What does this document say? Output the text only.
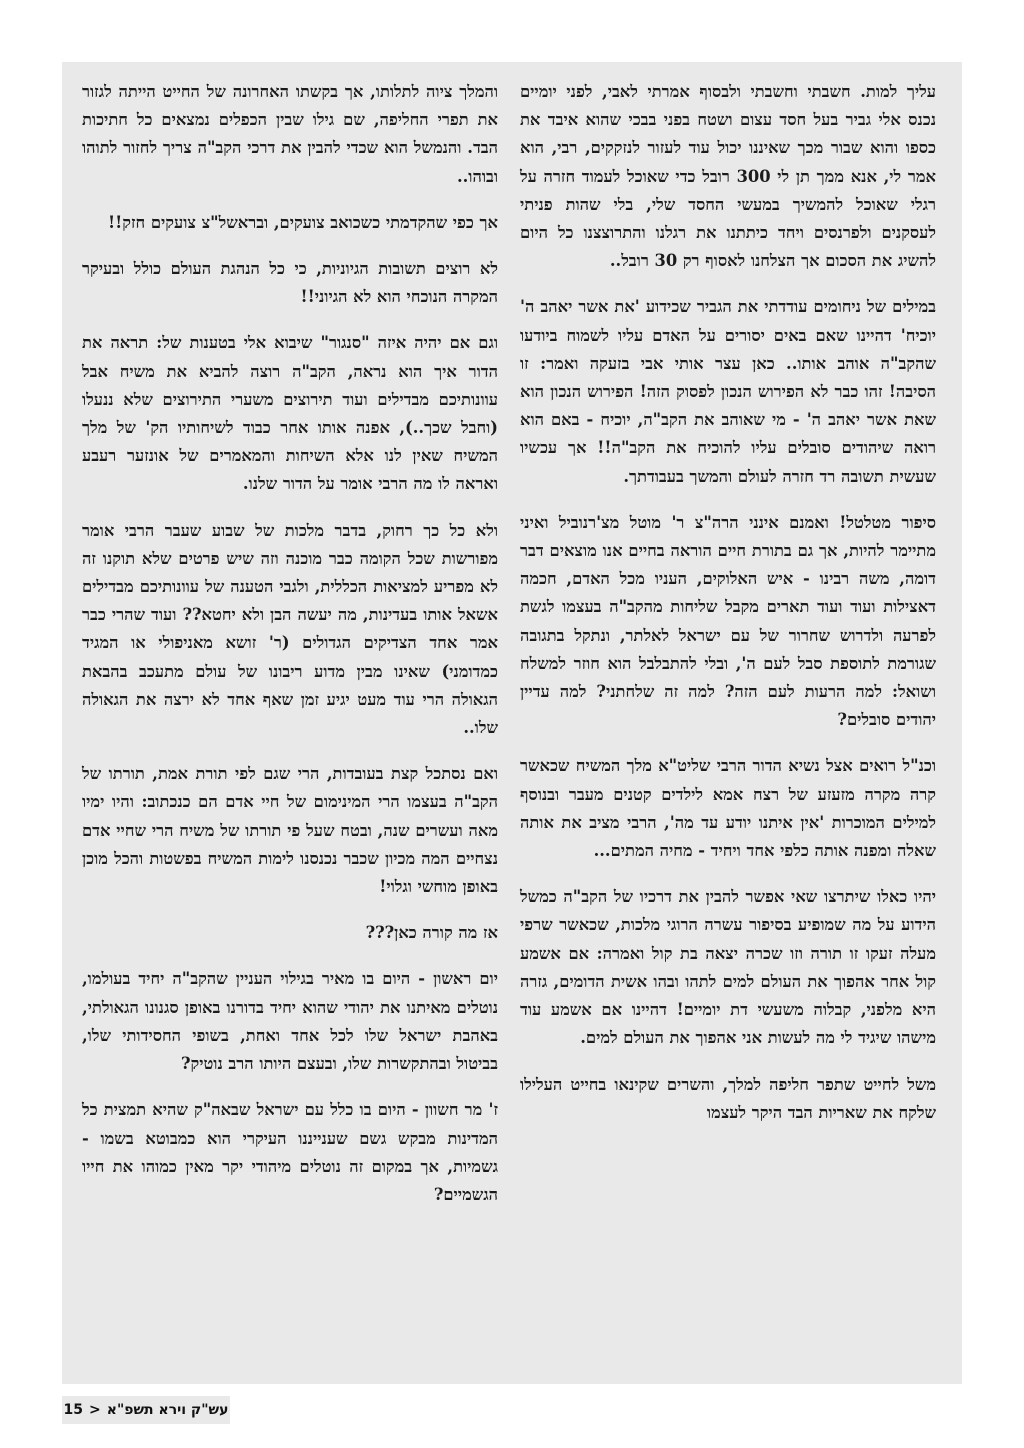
עליך למות. חשבתי וחשבתי ולבסוף אמרתי לאבי, לפני יומיים נכנס אלי גביר בעל חסד עצום ושטח בפני בבכי שהוא איבד את כספו והוא שבור מכך שאיננו יכול עוד לעזור לנזקקים, רבי, הוא אמר לי, אנא ממך תן לי 300 רובל כדי שאוכל לעמוד חזרה על רגלי שאוכל להמשיך במעשי החסד שלי, בלי שהות פניתי לעסקנים ולפרנסים ויחד כיתתנו את רגלנו והתרוצצנו כל היום להשיג את הסכום אך הצלחנו לאסוף רק 30 רובל..

במילים של ניחומים עודדתי את הגביר שכידוע 'את אשר יאהב ה' יוכיח' דהיינו שאם באים יסורים על האדם עליו לשמוח ביודעו שהקב"ה אוהב אותו.. כאן עצר אותי אבי בזעקה ואמר: זו הסיבה! זהו כבר לא הפירוש הנכון לפסוק הזה! הפירוש הנכון הוא שאת אשר יאהב ה' - מי שאוהב את הקב"ה, יוכיח - באם הוא רואה שיהודים סובלים עליו להוכיח את הקב"ה!! אך עכשיו שעשית תשובה רד חזרה לעולם והמשך בעבודתך.

סיפור מטלטל! ואמנם אינני הרה"צ ר' מוטל מצ'רנוביל ואיני מתיימר להיות, אך גם בתורת חיים הוראה בחיים אנו מוצאים דבר דומה, משה רבינו - איש האלוקים, העניו מכל האדם, חכמה דאצילות ועוד ועוד תארים מקבל שליחות מהקב"ה בעצמו לגשת לפרעה ולדרוש שחרור של עם ישראל לאלתר, ונתקל בתגובה שגורמת לתוספת סבל לעם ה', ובלי להתבלבל הוא חוזר למשלח ושואל: למה הרעות לעם הזה? למה זה שלחתני? למה עדיין יהודים סובלים?

וכנ"ל רואים אצל נשיא הדור הרבי שליט"א מלך המשיח שכאשר קרה מקרה מזעזע של רצח אמא לילדים קטנים מעבר ובנוסף למילים המוכרות 'אין איתנו יודע עד מה', הרבי מציב את אותה שאלה ומפנה אותה כלפי אחד ויחיד - מחיה המתים...

יהיו כאלו שיתרצו שאי אפשר להבין את דרכיו של הקב"ה כמשל הידוע על מה שמופיע בסיפור עשרה הרוגי מלכות, שכאשר שרפי מעלה זעקו זו תורה וזו שכרה יצאה בת קול ואמרה: אם אשמע קול אחר אהפוך את העולם למים לתהו ובהו אשית הדומים, גזרה היא מלפני, קבלוה משעשי דת יומיים! דהיינו אם אשמע עוד מישהו שיגיד לי מה לעשות אני אהפוך את העולם למים.

משל לחייט שתפר חליפה למלך, והשרים שקינאו בחייט העלילו שלקח את שאריות הבד היקר לעצמו

והמלך ציוה לתלותו, אך בקשתו האחרונה של החייט הייתה לגזור את תפרי החליפה, שם גילו שבין הכפלים נמצאים כל חתיכות הבד. והנמשל הוא שכדי להבין את דרכי הקב"ה צריך לחזור לתוהו ובוהו..

אך כפי שהקדמתי כשכואב צועקים, ובראשל"צ צועקים חזק!!

לא רוצים תשובות הגיוניות, כי כל הנהגת העולם כולל ובעיקר המקרה הנוכחי הוא לא הגיוני!!

וגם אם יהיה איזה "סנגור" שיבוא אלי בטענות של: תראה את הדור איך הוא נראה, הקב"ה רוצה להביא את משיח אבל עוונותיכם מבדילים ועוד תירוצים משערי התירוצים שלא ננעלו (וחבל שכך..), אפנה אותו אחר כבוד לשיחותיו הק' של מלך המשיח שאין לנו אלא השיחות והמאמרים של אונזער רעבע ואראה לו מה הרבי אומר על הדור שלנו.

ולא כל כך רחוק, בדבר מלכות של שבוע שעבר הרבי אומר מפורשות שכל הקומה כבר מוכנה וזה שיש פרטים שלא תוקנו זה לא מפריע למציאות הכללית, ולגבי הטענה של עוונותיכם מבדילים אשאל אותו בעדינות, מה יעשה הבן ולא יחטא?? ועוד שהרי כבר אמר אחד הצדיקים הגדולים (ר' זושא מאניפולי או המגיד כמדומני) שאינו מבין מדוע ריבונו של עולם מתעכב בהבאת הגאולה הרי עוד מעט יגיע זמן שאף אחד לא ירצה את הגאולה שלו..

ואם נסתכל קצת בעובדות, הרי שגם לפי תורת אמת, תורתו של הקב"ה בעצמו הרי המינימום של חיי אדם הם כנכתוב: והיו ימיו מאה ועשרים שנה, ובטח שעל פי תורתו של משיח הרי שחיי אדם נצחיים המה מכיון שכבר נכנסנו לימות המשיח בפשטות והכל מוכן באופן מוחשי וגלוי!

אז מה קורה כאן???

יום ראשון - היום בו מאיר בגילוי העניין שהקב"ה יחיד בעולמו, נוטלים מאיתנו את יהודי שהוא יחיד בדורנו באופן סגנונו הגאולתי, באהבת ישראל שלו לכל אחד ואחת, בשופי החסידותי שלו, בביטול ובהתקשרות שלו, ובעצם היותו הרב נוטיק?

ז' מר חשוון - היום בו כלל עם ישראל שבאה"ק שהיא תמצית כל המדינות מבקש גשם שענייננו העיקרי הוא כמבוטא בשמו - גשמיות, אך במקום זה נוטלים מיהודי יקר מאין כמוהו את חייו הגשמיים?

15 > עש"ק וירא תשפ"א
